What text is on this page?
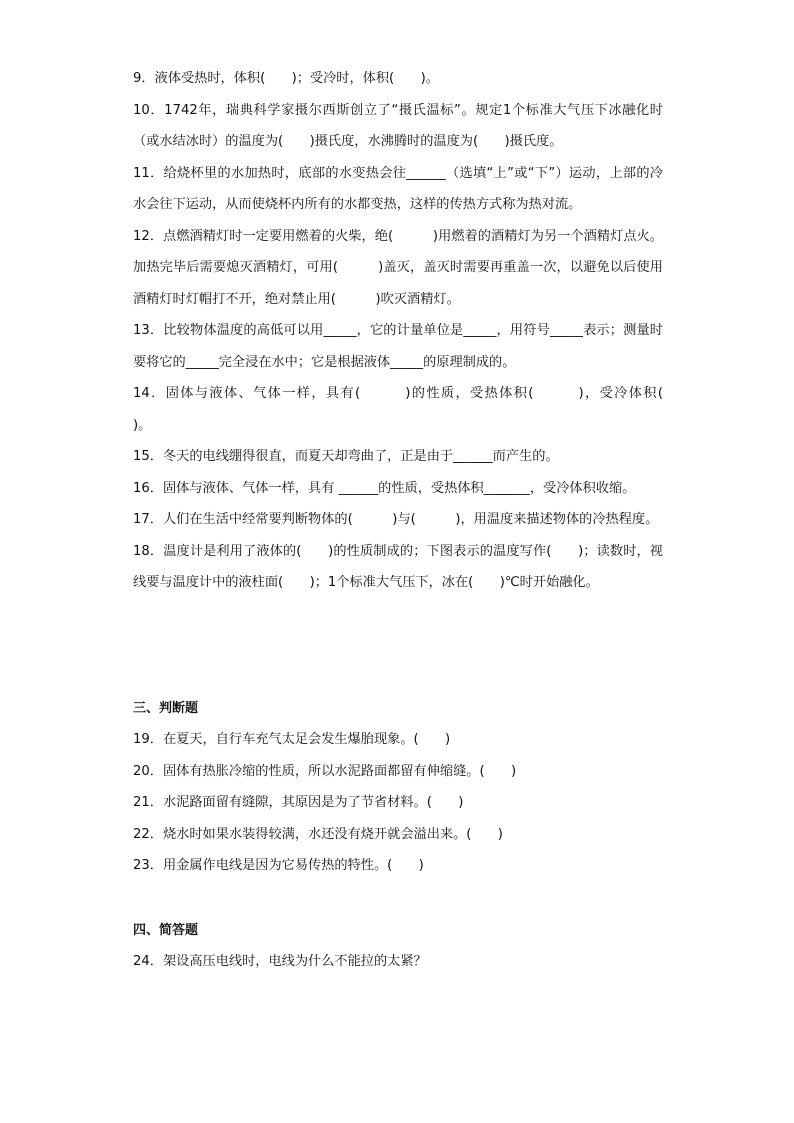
9．液体受热时，体积(　　)；受冷时，体积(　　)。

10．1742年，瑞典科学家摄尔西斯创立了“摄氏温标”。规定1个标准大气压下冰融化时（或水结冰时）的温度为(　　)摄氏度，水沸腾时的温度为(　　)摄氏度。

11．给烧杯里的水加热时，底部的水变热会往______（选填“上”或“下”）运动，上部的冷水会往下运动，从而使烧杯内所有的水都变热，这样的传热方式称为热对流。

12．点燃酒精灯时一定要用燃着的火柴，绝(　　　)用燃着的酒精灯为另一个酒精灯点火。加热完毕后需要熄灭酒精灯，可用(　　　)盖灭，盖灭时需要再重盖一次，以避免以后使用酒精灯时灯帽打不开，绝对禁止用(　　　)吹灭酒精灯。

13．比较物体温度的高低可以用_____，它的计量单位是_____，用符号_____表示；测量时要将它的_____完全浸在水中；它是根据液体_____的原理制成的。

14．固体与液体、气体一样，具有(　　　)的性质，受热体积(　　　)，受冷体积(　　　)。

15．冬天的电线绷得很直，而夏天却弯曲了，正是由于______而产生的。

16．固体与液体、气体一样，具有 ______的性质，受热体积_______，受冷体积收缩。

17．人们在生活中经常要判断物体的(　　　)与(　　　)，用温度来描述物体的冷热程度。

18．温度计是利用了液体的(　　)的性质制成的；下图表示的温度写作(　　)；读数时，视线要与温度计中的液柱面(　　)；1个标准大气压下，冰在(　　)℃时开始融化。

三、判断题

19．在夏天，自行车充气太足会发生爆胎现象。(　　)

20．固体有热胀冷缩的性质，所以水泥路面都留有伸缩缝。(　　)

21．水泥路面留有缝隙，其原因是为了节省材料。(　　)

22．烧水时如果水装得较满，水还没有烧开就会溢出来。(　　)

23．用金属作电线是因为它易传热的特性。(　　)

四、简答题

24．架设高压电线时，电线为什么不能拉的太紧？
